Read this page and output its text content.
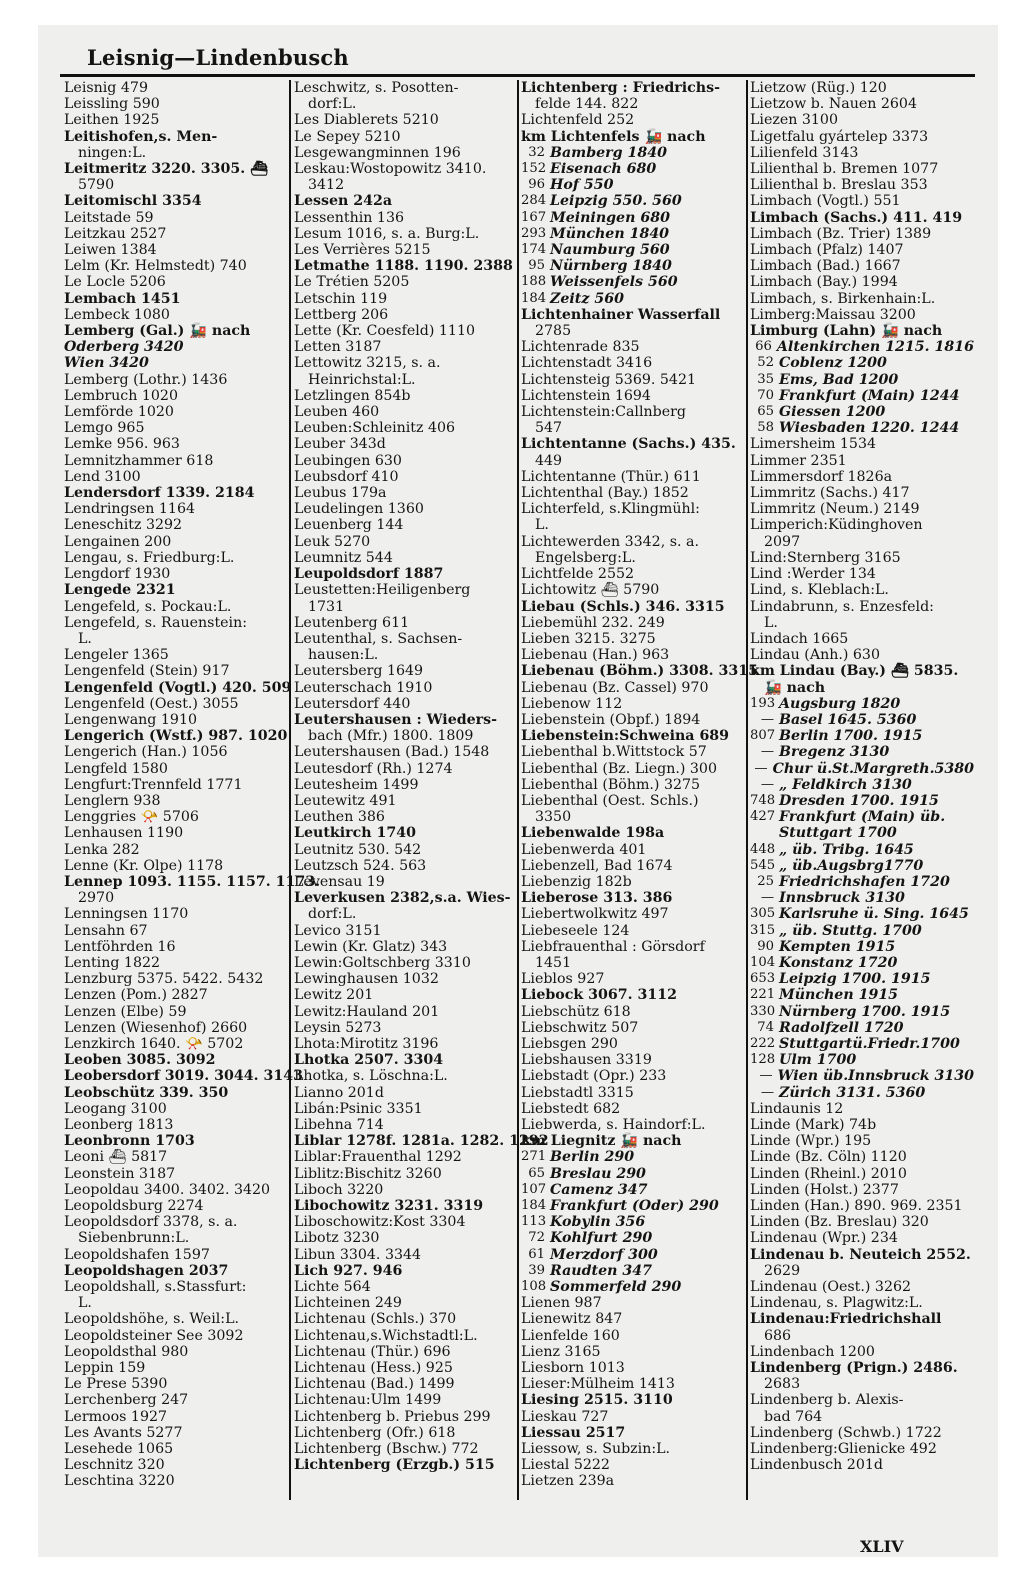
Leisnig—Lindenbusch
Leisnig 479
Leissling 590
Leithen 1925
Leitishofen,s. Men-
ningen:L.
Leitmeritz 3220. 3305. ⛴
5790
Leitomischl 3354
Leitstade 59
Leitzkau 2527
Leiwen 1384
Lelm (Kr. Helmstedt) 740
Le Locle 5206
Lembach 1451
Lembeck 1080
Lemberg (Gal.) 🚂 nach
Oderberg 3420
Wien 3420
Lemberg (Lothr.) 1436
Lembruch 1020
Lemförde 1020
Lemgo 965
Lemke 956. 963
Lemnitzhammer 618
Lend 3100
Lendersdorf 1339. 2184
Lendringsen 1164
Leneschitz 3292
Lengainen 200
Lengau, s. Friedburg:L.
Lengdorf 1930
Lengede 2321
Lengefeld, s. Pockau:L.
Lengefeld, s. Rauenstein:
L.
Lengeler 1365
Lengenfeld (Stein) 917
Lengenfeld (Vogtl.) 420. 509
Lengenfeld (Oest.) 3055
Lengenwang 1910
Lengerich (Wstf.) 987. 1020
Lengerich (Han.) 1056
Lengfeld 1580
Lengfurt:Trennfeld 1771
Lenglern 938
Lenggries 📯 5706
Lenhausen 1190
Lenka 282
Lenne (Kr. Olpe) 1178
Lennep 1093. 1155. 1157. 1173.
2970
Lenningsen 1170
Lensahn 67
Lentföhrden 16
Lenting 1822
Lenzburg 5375. 5422. 5432
Lenzen (Pom.) 2827
Lenzen (Elbe) 59
Lenzen (Wiesenhof) 2660
Lenzkirch 1640. 📯 5702
Leoben 3085. 3092
Leobersdorf 3019. 3044. 3143
Leobschütz 339. 350
Leogang 3100
Leonberg 1813
Leonbronn 1703
Leoni ⛴ 5817
Leonstein 3187
Leopoldau 3400. 3402. 3420
Leopoldsburg 2274
Leopoldsdorf 3378, s. a.
Siebenbrunn:L.
Leopoldshafen 1597
Leopoldshagen 2037
Leopoldshall, s.Stassfurt:
L.
Leopoldshöhe, s. Weil:L.
Leopoldsteiner See 3092
Leopoldsthal 980
Leppin 159
Le Prese 5390
Lerchenberg 247
Lermoos 1927
Les Avants 5277
Lesehede 1065
Leschnitz 320
Leschtina 3220
Leschwitz, s. Posotten-
dorf:L.
Les Diablerets 5210
Le Sepey 5210
Lesgewangminnen 196
Leskau:Wostopowitz 3410.
3412
Lessen 242a
Lessenthin 136
Lesum 1016, s. a. Burg:L.
Les Verrières 5215
Letmathe 1188. 1190. 2388
Le Trétien 5205
Letschin 119
Lettberg 206
Lette (Kr. Coesfeld) 1110
Letten 3187
Lettowitz 3215, s. a.
Heinrichstal:L.
Letzlingen 854b
Leuben 460
Leuben:Schleinitz 406
Leuber 343d
Leubingen 630
Leubsdorf 410
Leubus 179a
Leudelingen 1360
Leuenberg 144
Leuk 5270
Leumnitz 544
Leupoldsdorf 1887
Leustetten:Heiligenberg
1731
Leutenberg 611
Leutenthal, s. Sachsen-
hausen:L.
Leutersberg 1649
Leuterschach 1910
Leutersdorf 440
Leutershausen : Wieders-
bach (Mfr.) 1800. 1809
Leutershausen (Bad.) 1548
Leutesdorf (Rh.) 1274
Leutesheim 1499
Leutewitz 491
Leuthen 386
Leutkirch 1740
Leutnitz 530. 542
Leutzsch 524. 563
Levensau 19
Leverkusen 2382,s.a. Wies-
dorf:L.
Levico 3151
Lewin (Kr. Glatz) 343
Lewin:Goltschberg 3310
Lewinghausen 1032
Lewitz 201
Lewitz:Hauland 201
Leysin 5273
Lhota:Mirotitz 3196
Lhotka 2507. 3304
Lhotka, s. Löschna:L.
Lianno 201d
Libán:Psinic 3351
Libehna 714
Liblar 1278f. 1281a. 1282. 1292
Liblar:Frauenthal 1292
Liblitz:Bischitz 3260
Liboch 3220
Libochowitz 3231. 3319
Liboschowitz:Kost 3304
Libotz 3230
Libun 3304. 3344
Lich 927. 946
Lichte 564
Lichteinen 249
Lichtenau (Schls.) 370
Lichtenau,s.Wichstadtl:L.
Lichtenau (Thür.) 696
Lichtenau (Hess.) 925
Lichtenau (Bad.) 1499
Lichtenau:Ulm 1499
Lichtenberg b. Priebus 299
Lichtenberg (Ofr.) 618
Lichtenberg (Bschw.) 772
Lichtenberg (Erzgb.) 515
Lichtenberg : Friedrichs-
felde 144. 822
Lichtenfeld 252
km Lichtenfels 🚂 nach
32 Bamberg 1840
152 Eisenach 680
96 Hof 550
284 Leipzig 550. 560
167 Meiningen 680
293 München 1840
174 Naumburg 560
95 Nürnberg 1840
188 Weissenfels 560
184 Zeitz 560
Lichtenhainer Wasserfall
2785
Lichtenrade 835
Lichtenstadt 3416
Lichtensteig 5369. 5421
Lichtenstein 1694
Lichtenstein:Callnberg
547
Lichtentanne (Sachs.) 435.
449
Lichtentanne (Thür.) 611
Lichtenthal (Bay.) 1852
Lichterfeld, s.Klingmühl:
L.
Lichtewerden 3342, s. a.
Engelsberg:L.
Lichtfelde 2552
Lichtowitz ⛴ 5790
Liebau (Schls.) 346. 3315
Liebemühl 232. 249
Lieben 3215. 3275
Liebenau (Han.) 963
Liebenau (Böhm.) 3308. 3315
Liebenau (Bz. Cassel) 970
Liebenow 112
Liebenstein (Obpf.) 1894
Liebenstein:Schweina 689
Liebenthal b.Wittstock 57
Liebenthal (Bz. Liegn.) 300
Liebenthal (Böhm.) 3275
Liebenthal (Oest. Schls.)
3350
Liebenwalde 198a
Liebenwerda 401
Liebenzell, Bad 1674
Liebenzig 182b
Lieberose 313. 386
Liebertwolkwitz 497
Liebeseele 124
Liebfrauenthal : Görsdorf
1451
Lieblos 927
Liebock 3067. 3112
Liebschütz 618
Liebschwitz 507
Liebsgen 290
Liebshausen 3319
Liebstadt (Opr.) 233
Liebstadtl 3315
Liebstedt 682
Liebwerda, s. Haindorf:L.
km Liegnitz 🚂 nach
271 Berlin 290
65 Breslau 290
107 Camenz 347
184 Frankfurt (Oder) 290
113 Kobylin 356
72 Kohlfurt 290
61 Merzdorf 300
39 Raudten 347
108 Sommerfeld 290
Lienen 987
Lienewitz 847
Lienfelde 160
Lienz 3165
Liesborn 1013
Lieser:Mülheim 1413
Liesing 2515. 3110
Lieskau 727
Liessau 2517
Liessow, s. Subzin:L.
Liestal 5222
Lietzen 239a
Lietzow (Rüg.) 120
Lietzow b. Nauen 2604
Liezen 3100
Ligetfalu gyártelep 3373
Lilienfeld 3143
Lilienthal b. Bremen 1077
Lilienthal b. Breslau 353
Limbach (Vogtl.) 551
Limbach (Sachs.) 411. 419
Limbach (Bz. Trier) 1389
Limbach (Pfalz) 1407
Limbach (Bad.) 1667
Limbach (Bay.) 1994
Limbach, s. Birkenhain:L.
Limberg:Maissau 3200
Limburg (Lahn) 🚂 nach
66 Altenkirchen 1215. 1816
52 Coblenz 1200
35 Ems, Bad 1200
70 Frankfurt (Main) 1244
65 Giessen 1200
58 Wiesbaden 1220. 1244
Limersheim 1534
Limmer 2351
Limmersdorf 1826a
Limmritz (Sachs.) 417
Limmritz (Neum.) 2149
Limperich:Küdinghoven
2097
Lind:Sternberg 3165
Lind :Werder 134
Lind, s. Kleblach:L.
Lindabrunn, s. Enzesfeld:
L.
Lindach 1665
Lindau (Anh.) 630
km Lindau (Bay.) ⛴ 5835.
🚂 nach
193 Augsburg 1820
— Basel 1645. 5360
807 Berlin 1700. 1915
— Bregenz 3130
— Chur ü.St.Margreth.5380
— „ Feldkirch 3130
748 Dresden 1700. 1915
427 Frankfurt (Main) üb.
Stuttgart 1700
448 „ üb. Tribg. 1645
545 „ üb.Augsbrg1770
25 Friedrichshafen 1720
— Innsbruck 3130
305 Karlsruhe ü. Sing. 1645
315 „ üb. Stuttg. 1700
90 Kempten 1915
104 Konstanz 1720
653 Leipzig 1700. 1915
221 München 1915
330 Nürnberg 1700. 1915
74 Radolfzell 1720
222 Stuttgartü.Friedr.1700
128 Ulm 1700
— Wien üb.Innsbruck 3130
— Zürich 3131. 5360
Lindaunis 12
Linde (Mark) 74b
Linde (Wpr.) 195
Linde (Bz. Cöln) 1120
Linden (Rheinl.) 2010
Linden (Holst.) 2377
Linden (Han.) 890. 969. 2351
Linden (Bz. Breslau) 320
Lindenau (Wpr.) 234
Lindenau b. Neuteich 2552.
2629
Lindenau (Oest.) 3262
Lindenau, s. Plagwitz:L.
Lindenau:Friedrichshall
686
Lindenbach 1200
Lindenberg (Prign.) 2486.
2683
Lindenberg b. Alexis-
bad 764
Lindenberg (Schwb.) 1722
Lindenberg:Glienicke 492
Lindenbusch 201d
XLIV
